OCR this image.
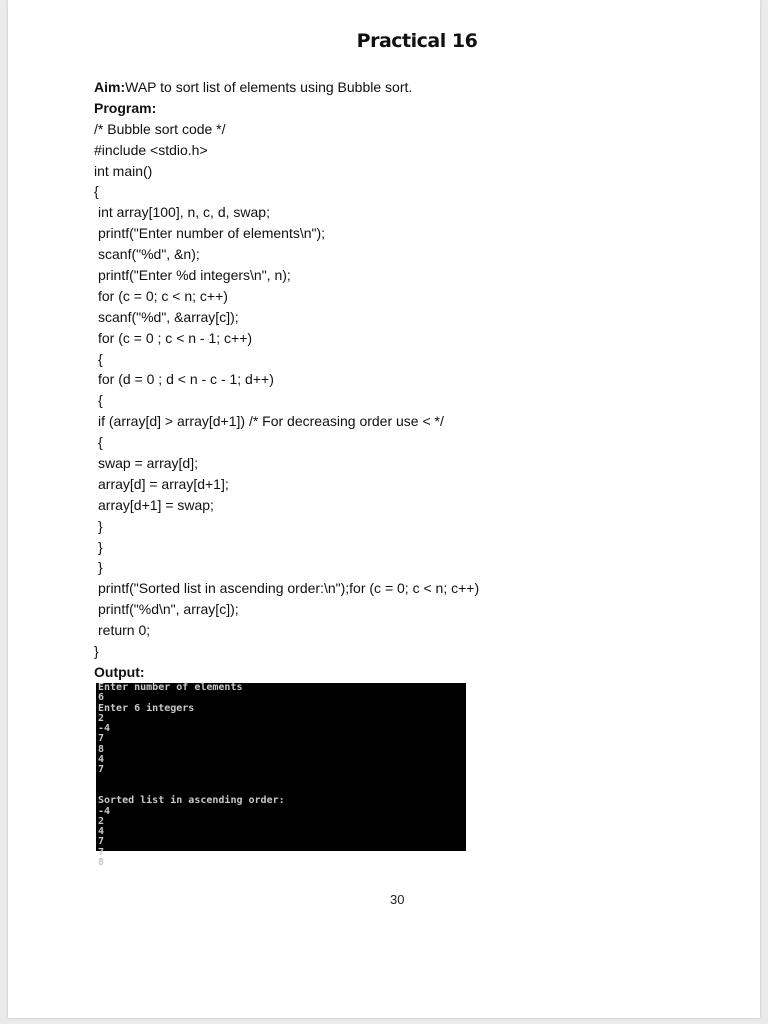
Practical 16
Aim:WAP to sort list of elements using Bubble sort.
Program:
/* Bubble sort code */
#include <stdio.h>
int main()
{
int array[100], n, c, d, swap;
printf("Enter number of elements\n");
scanf("%d", &n);
printf("Enter %d integers\n", n);
for (c = 0; c < n; c++)
scanf("%d", &array[c]);
for (c = 0 ; c < n - 1; c++)
{
for (d = 0 ; d < n - c - 1; d++)
{
if (array[d] > array[d+1]) /* For decreasing order use < */
{
swap = array[d];
array[d] = array[d+1];
array[d+1] = swap;
}
}
}
printf("Sorted list in ascending order:\n");for (c = 0; c < n; c++)
printf("%d\n", array[c]);
return 0;
}
Output:
Enter number of elements
6
Enter 6 integers
2
-4
7
8
4
7
Sorted list in ascending order:
-4
2
4
7
7
8
30
